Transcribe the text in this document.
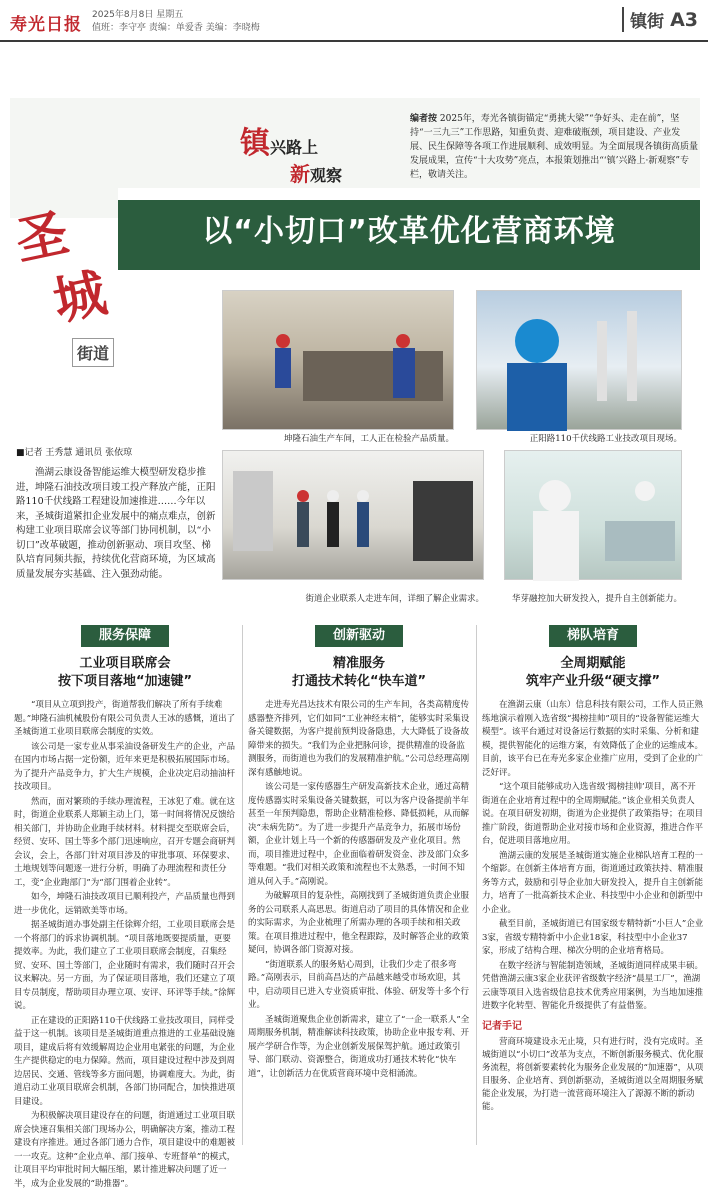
寿光日报 2025年8月8日 星期五
值班：李守亭 责编：单爱香 美编：李晓梅	镇街 A3
镇兴路上
新观察
编者按 2025年，寿光各镇街锚定“勇挑大梁”“争好头、走在前”，坚持“一三九三”工作思路，知重负责、迎难破瓶颈，项目建设、产业发展、民生保障等各项工作进展顺利、成效明显。为全面展现各镇街高质量发展成果，宣传“十大攻势”亮点，本报策划推出“‘镇’兴路上·新观察”专栏，敬请关注。
以“小切口”改革优化营商环境
圣
城
街道
坤隆石油生产车间，工人正在检验产品质量。	正阳路110千伏线路工业技改项目现场。
街道企业联系人走进车间，详细了解企业需求。	华芽融控加大研发投入，提升自主创新能力。
■记者 王秀慧 通讯员 张依琼
渔湖云康设备智能运维大模型研发稳步推进，坤隆石油技改项目竣工投产释放产能，正阳路110千伏线路工程建设加速推进……今年以来，圣城街道紧扣企业发展中的痛点难点，创新构建工业项目联席会议等部门协同机制，以“小切口”改革破题，推动创新驱动、项目攻坚、梯队培育同频共振，持续优化营商环境，为区域高质量发展夯实基础、注入强劲动能。
服务保障
工业项目联席会
按下项目落地“加速键”

“项目从立项到投产，街道帮我们解决了所有手续难题。”坤隆石油机械股份有限公司负责人王冰的感慨，道出了圣城街道工业项目联席会制度的实效。

该公司是一家专业从事采油设备研发生产的企业，产品在国内市场占据一定份额，近年来更是积极拓展国际市场。为了提升产品竞争力，扩大生产规模，企业决定启动抽油杆技改项目。

然而，面对繁琐的手续办理流程，王冰犯了难。就在这时，街道企业联系人郑颖主动上门，第一时间将情况反馈给相关部门，并协助企业跑手续材料。材料提交至联席会后，经贸、安环、国土等多个部门迅速响应，召开专题会商研判会议，会上，各部门针对项目涉及的审批事项、环保要求、土地规划等问题逐一进行分析，明确了办理流程和责任分工，变“企业跑部门”为“部门围着企业转”。

如今，坤隆石油技改项目已顺利投产，产品质量也得到进一步优化，远销欧美等市场。

据圣城街道办事处副主任徐辉介绍，工业项目联席会是一个将部门的诉求协调机制。“项目落地既要提质量，更要提效率。为此，我们建立了工业项目联席会制度，召集经贸、安环、国土等部门，企业随时有需求，我们随时召开会议来解决。另一方面，为了保证项目落地，我们还建立了项目专员制度，帮助项目办理立项、安评、环评等手续。”徐辉说。

正在建设的正阳路110千伏线路工业技改项目，同样受益于这一机制。该项目是圣城街道重点推进的工业基础设施项目，建成后将有效缓解周边企业用电紧张的问题，为企业生产提供稳定的电力保障。然而，项目建设过程中涉及到周边居民、交通、管线等多方面问题，协调难度大。为此，街道启动工业项目联席会机制，各部门协同配合，加快推进项目建设。

为积极解决项目建设存在的问题，街道通过工业项目联席会快速召集相关部门现场办公，明确解决方案，推动工程建设有序推进。通过各部门通力合作，项目建设中的难题被一一攻克。这种“企业点单、部门接单、专班督单”的模式，让项目平均审批时间大幅压缩，累计推进解决问题了近一半，成为企业发展的“助推器”。

创新驱动
精准服务
打通技术转化“快车道”

走进寿光昌达技术有限公司的生产车间，各类高精度传感器整齐排列，它们如同“工业神经末梢”，能够实时采集设备关键数据，为客户提前预判设备隐患，大大降低了设备故障带来的损失。“我们为企业把脉问诊，提供精准的设备监测服务，而街道也为我们的发展精准护航。”公司总经理高刚深有感触地说。

该公司是一家传感器生产研发高新技术企业，通过高精度传感器实时采集设备关键数据，可以为客户设备提前半年甚至一年预判隐患，帮助企业精准检修、降低损耗，从而解决“未病先防”。为了进一步提升产品竞争力，拓展市场份额，企业计划上马一个新的传感器研发及产业化项目。然而，项目推进过程中，企业面临着研发资金、涉及部门众多等难题。“我们对相关政策和流程也不太熟悉，一时间不知道从何入手。”高刚说。

为破解项目的复杂性，高刚找到了圣城街道负责企业服务的公司联系人高思思。街道启动了项目的具体情况和企业的实际需求，为企业梳理了所需办理的各项手续和相关政策。在项目推进过程中，他全程跟踪，及时解答企业的政策疑问，协调各部门资源对接。

“街道联系人的服务贴心周到，让我们少走了很多弯路。”高刚表示，目前高昌达的产品越来越受市场欢迎，其中，启动项目已进入专业资质审批、体验、研发等十多个行业。

圣城街道聚焦企业创新需求，建立了“一企一联系人”全周期服务机制，精准解读科技政策，协助企业申报专利、开展产学研合作等，为企业创新发展保驾护航。通过政策引导、部门联动、资源整合，街道成功打通技术转化“快车道”，让创新活力在优质营商环境中竞相涌流。

梯队培育
全周期赋能
筑牢产业升级“硬支撑”

在渔湖云康（山东）信息科技有限公司，工作人员正熟练地演示着刚入选省级“揭榜挂帅”项目的“设备智能运维大模型”。该平台通过对设备运行数据的实时采集、分析和建模，提供智能化的运维方案，有效降低了企业的运维成本。目前，该平台已在寿光多家企业推广应用，受到了企业的广泛好评。

“这个项目能够成功入选省级‘揭榜挂帅’项目，离不开街道在企业培育过程中的全周期赋能。”该企业相关负责人说。在项目研发初期，街道为企业提供了政策指导；在项目推广阶段，街道帮助企业对接市场和企业资源，推进合作平台，促进项目落地应用。

渔湖云康的发展是圣城街道实施企业梯队培育工程的一个缩影。在创新主体培育方面，街道通过政策扶持、精准服务等方式，鼓励和引导企业加大研发投入，提升自主创新能力，培育了一批高新技术企业、科技型中小企业和创新型中小企业。

截至目前，圣城街道已有国家级专精特新“小巨人”企业3家，省级专精特新中小企业18家，科技型中小企业37家，形成了结构合理、梯次分明的企业培育格局。

在数字经济与智能制造领域，圣城街道同样成果丰硕。凭借渔湖云康3家企业获评省级数字经济“晨星工厂”，渔湖云康等项目入选省级信息技术优秀应用案例，为当地加速推进数字化转型、智能化升级提供了有益借鉴。

记者手记
营商环境建设永无止境，只有进行时，没有完成时。圣城街道以“小切口”改革为支点，不断创新服务模式、优化服务流程，将创新要素转化为服务企业发展的“加速器”，从项目服务、企业培育、到创新驱动，圣城街道以全周期服务赋能企业发展，为打造一流营商环境注入了源源不断的新动能。
